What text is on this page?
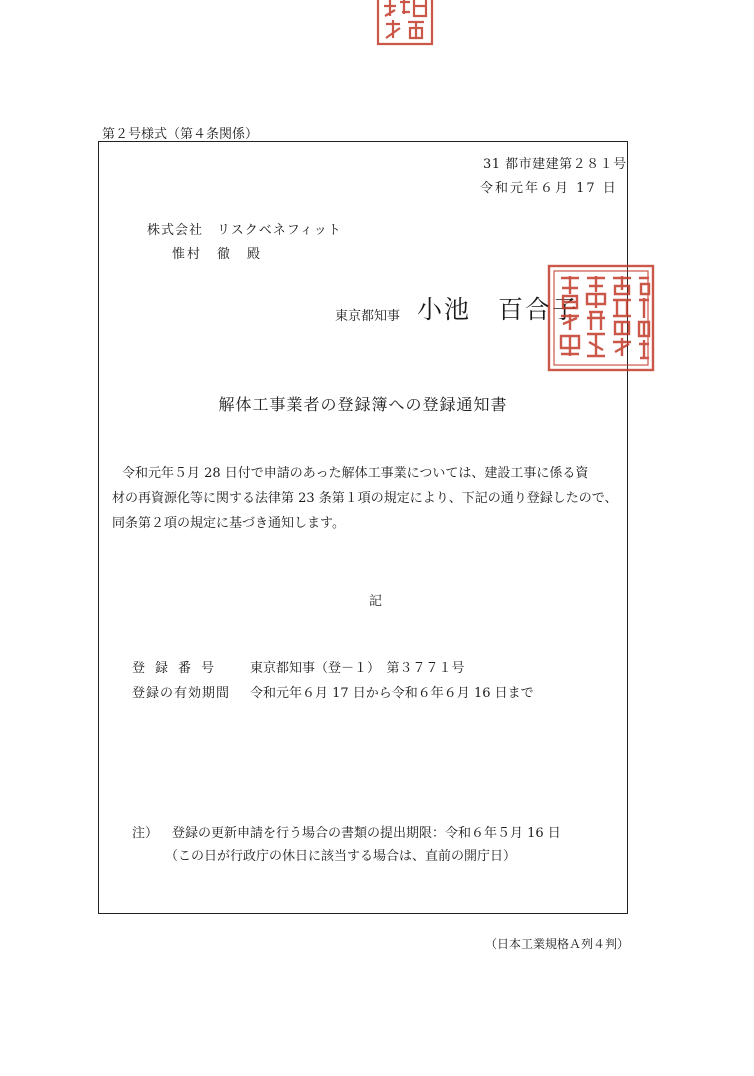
第２号様式（第４条関係）
31 都市建建第２８１号
令和元年６月 17 日
株式会社　リスクベネフィット
惟村　徹　殿
東京都知事 小池　百合子
解体工事業者の登録簿への登録通知書

令和元年５月 28 日付で申請のあった解体工事業については、建設工事に係る資

材の再資源化等に関する法律第 23 条第１項の規定により、下記の通り登録したので、

同条第２項の規定に基づき通知します。

記
登録番号 東京都知事（登－１）　第３７７１号
登録の有効期間 令和元年６月 17 日から令和６年６月 16 日まで
注） 登録の更新申請を行う場合の書類の提出期限：令和６年５月 16 日
（この日が行政庁の休日に該当する場合は、直前の開庁日）
（日本工業規格Ａ列４判）
